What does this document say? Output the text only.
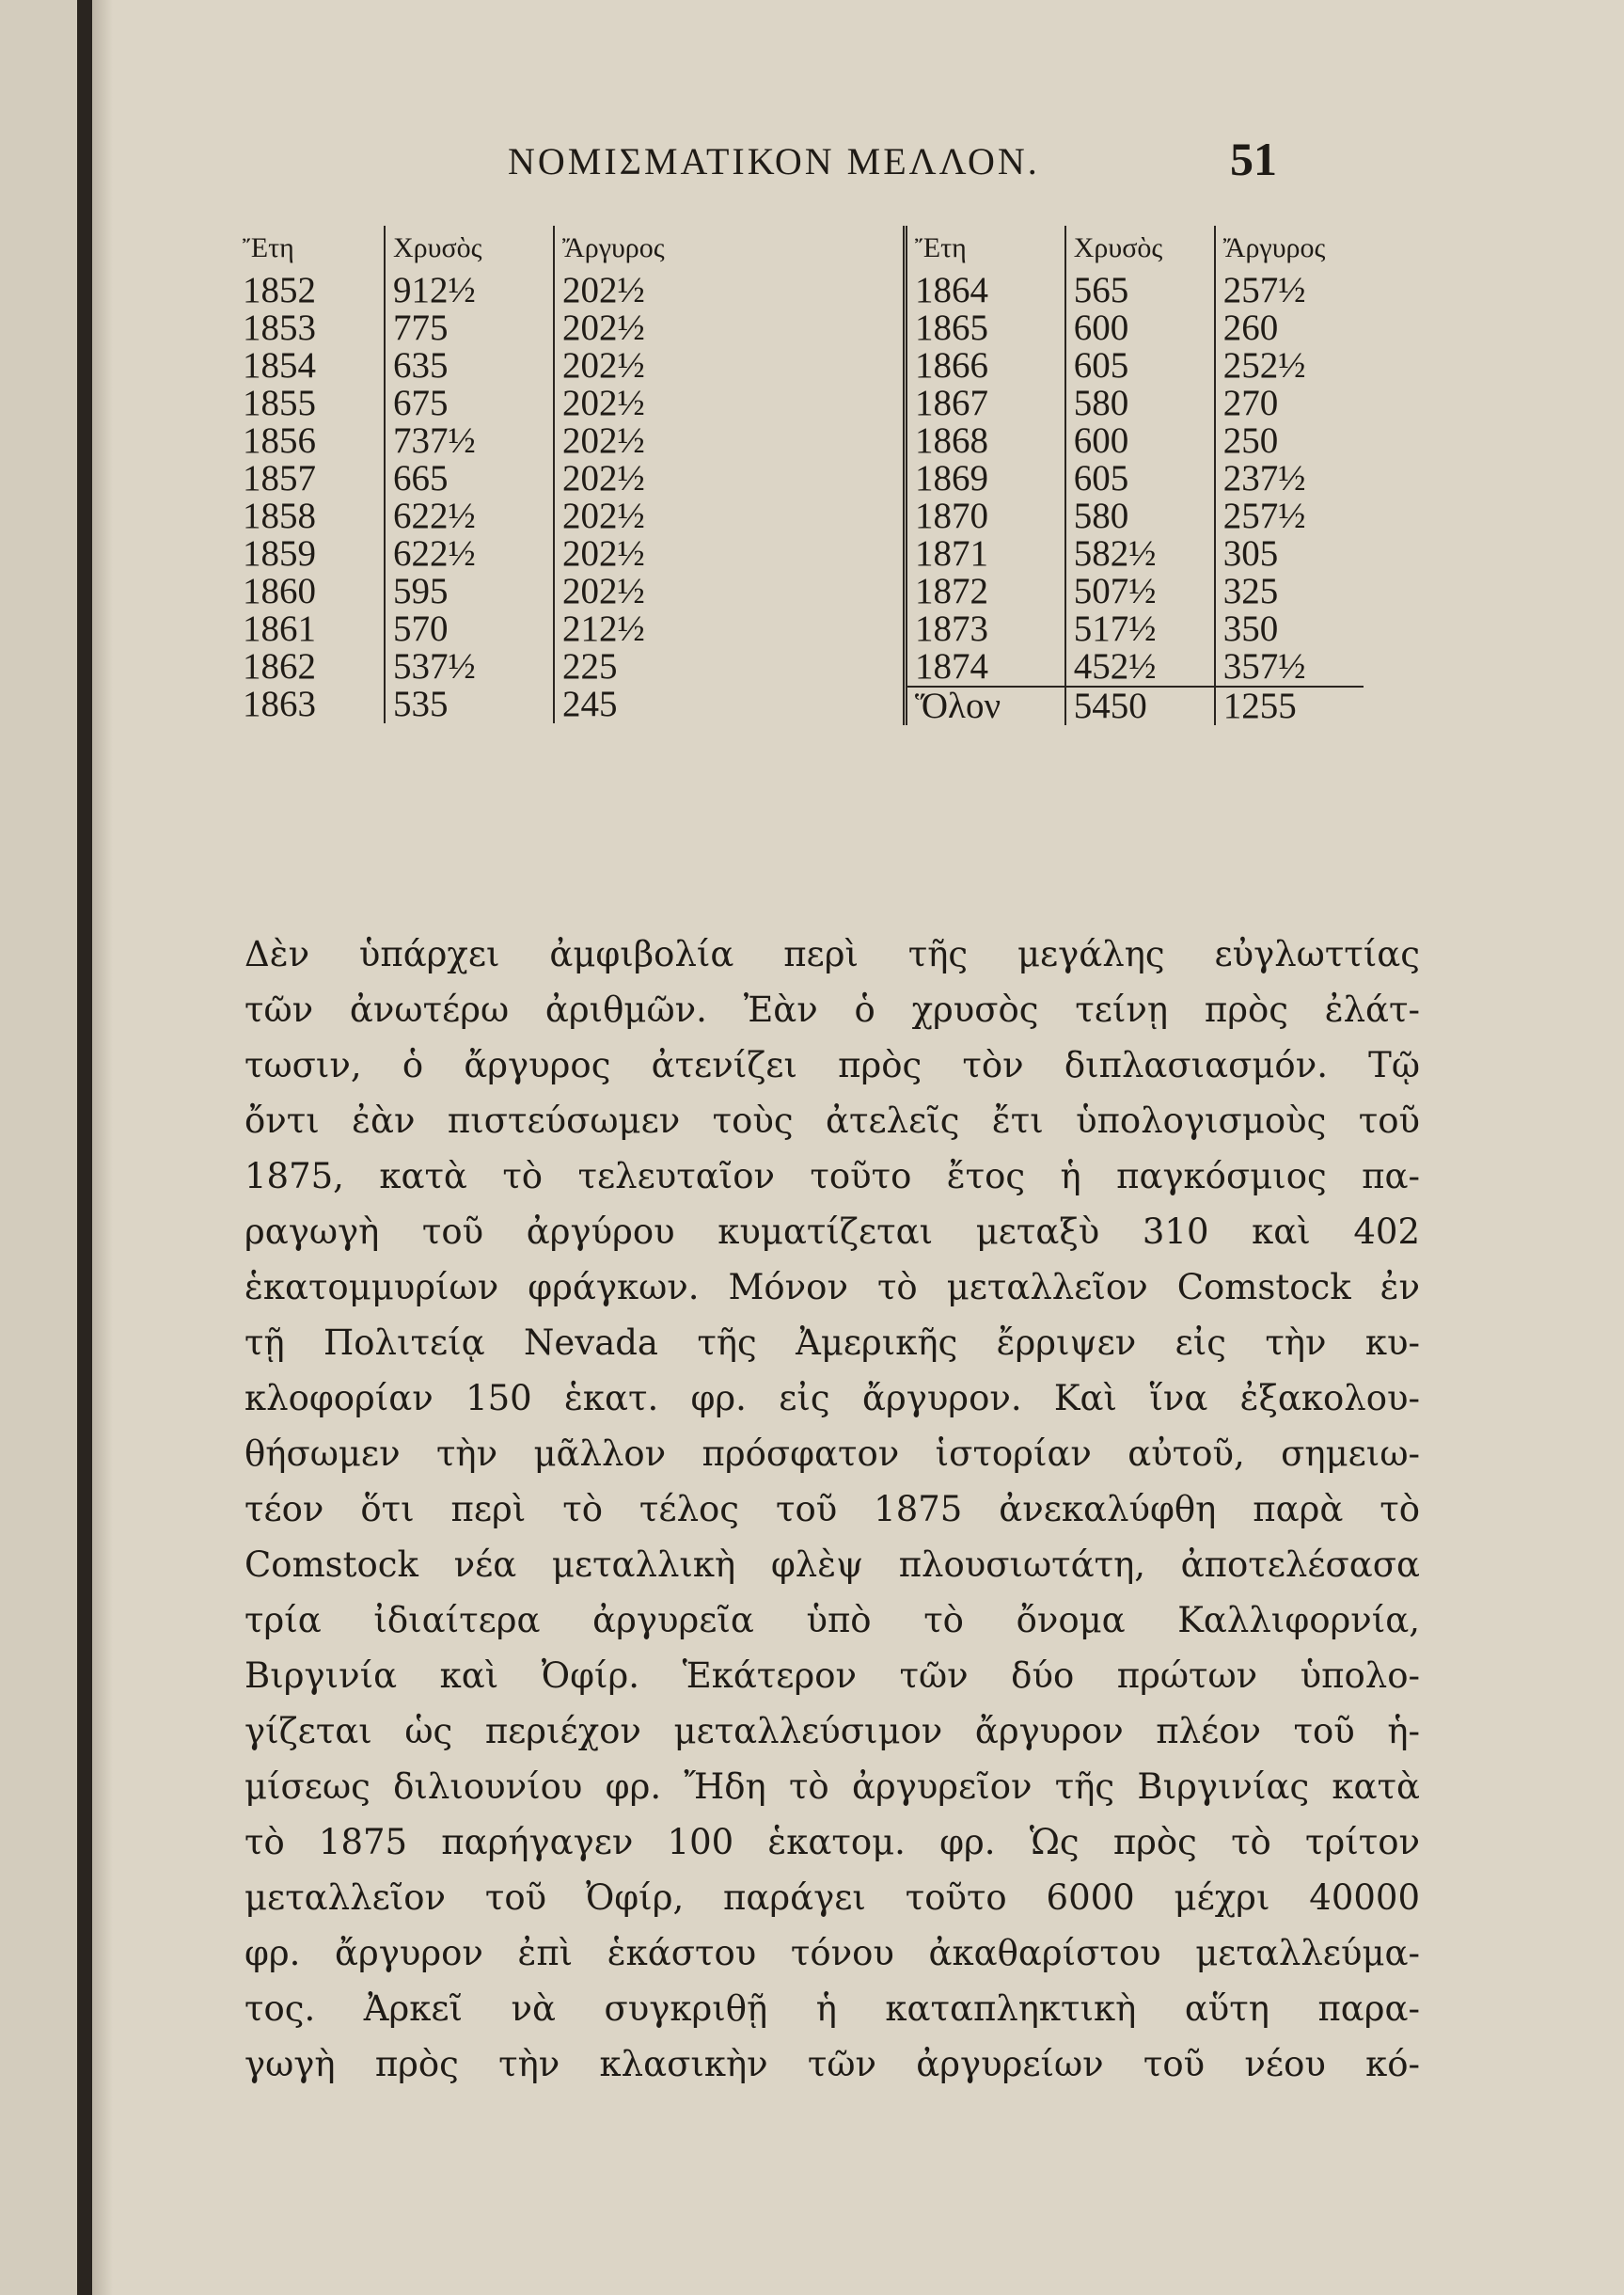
ΝΟΜΙΣΜΑΤΙΚΟΝ ΜΕΛΛΟΝ.	51
Ἔτη	Χρυσὸς	Ἄργυρος
1852	912½	202½
1853	775	202½
1854	635	202½
1855	675	202½
1856	737½	202½
1857	665	202½
1858	622½	202½
1859	622½	202½
1860	595	202½
1861	570	212½
1862	537½	225
1863	535	245
Ἔτη	Χρυσὸς	Ἄργυρος
1864	565	257½
1865	600	260
1866	605	252½
1867	580	270
1868	600	250
1869	605	237½
1870	580	257½
1871	582½	305
1872	507½	325
1873	517½	350
1874	452½	357½
Ὅλον	5450	1255
Δὲν ὑπάρχει ἀμφιβολία περὶ τῆς μεγάλης εὐγλωττίας
τῶν ἀνωτέρω ἀριθμῶν. Ἐὰν ὁ χρυσὸς τείνῃ πρὸς ἐλάτ-
τωσιν, ὁ ἄργυρος ἀτενίζει πρὸς τὸν διπλασιασμόν. Τῷ
ὄντι ἐὰν πιστεύσωμεν τοὺς ἀτελεῖς ἔτι ὑπολογισμοὺς τοῦ
1875, κατὰ τὸ τελευταῖον τοῦτο ἔτος ἡ παγκόσμιος πα-
ραγωγὴ τοῦ ἀργύρου κυματίζεται μεταξὺ 310 καὶ 402
ἑκατομμυρίων φράγκων. Μόνον τὸ μεταλλεῖον Comstock ἐν
τῇ Πολιτείᾳ Nevada τῆς Ἀμερικῆς ἔρριψεν εἰς τὴν κυ-
κλοφορίαν 150 ἑκατ. φρ. εἰς ἄργυρον. Καὶ ἵνα ἐξακολου-
θήσωμεν τὴν μᾶλλον πρόσφατον ἱστορίαν αὐτοῦ, σημειω-
τέον ὅτι περὶ τὸ τέλος τοῦ 1875 ἀνεκαλύφθη παρὰ τὸ
Comstock νέα μεταλλικὴ φλὲψ πλουσιωτάτη, ἀποτελέσασα
τρία ἰδιαίτερα ἀργυρεῖα ὑπὸ τὸ ὄνομα Καλλιφορνία,
Βιργινία καὶ Ὀφίρ. Ἑκάτερον τῶν δύο πρώτων ὑπολο-
γίζεται ὡς περιέχον μεταλλεύσιμον ἄργυρον πλέον τοῦ ἡ-
μίσεως διλιουνίου φρ. Ἤδη τὸ ἀργυρεῖον τῆς Βιργινίας κατὰ
τὸ 1875 παρήγαγεν 100 ἑκατομ. φρ. Ὡς πρὸς τὸ τρίτον
μεταλλεῖον τοῦ Ὀφίρ, παράγει τοῦτο 6000 μέχρι 40000
φρ. ἄργυρον ἐπὶ ἑκάστου τόνου ἀκαθαρίστου μεταλλεύμα-
τος. Ἀρκεῖ νὰ συγκριθῇ ἡ καταπληκτικὴ αὕτη παρα-
γωγὴ πρὸς τὴν κλασικὴν τῶν ἀργυρείων τοῦ νέου κό-
